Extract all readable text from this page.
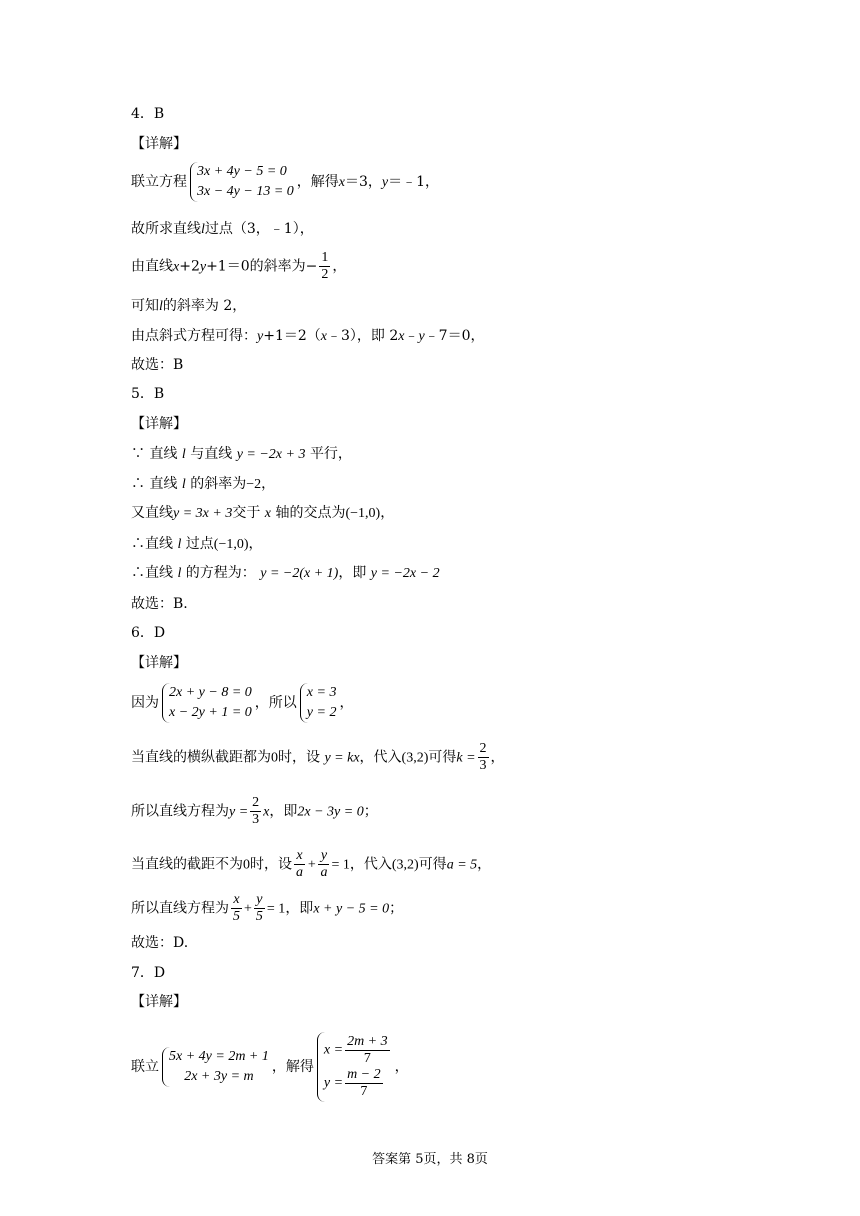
4．B
【详解】
联立方程
3x + 4y − 5 = 0
3x − 4y − 13 = 0
，解得x＝3，y＝﹣1，
故所求直线l过点（3，﹣1），
由直线x+2y+1＝0的斜率为− $\frac{1}{2}$ ，
可知l的斜率为 2，
由点斜式方程可得：y+1＝2（x﹣3），即 2x﹣y﹣7＝0，
故选：B
5．B
【详解】
∵ 直线 l 与直线 y = −2x + 3 平行，
∴ 直线 l 的斜率为−2，
又直线y = 3x + 3交于 x 轴的交点为(−1,0)，
∴直线 l 过点(−1,0)，
∴直线 l 的方程为： y = −2(x + 1)，即 y = −2x − 2
故选：B.
6．D
【详解】
因为
2x + y − 8 = 0
x − 2y + 1 = 0
，所以
x = 3
y = 2
，
当直线的横纵截距都为0时，设 y = kx，代入(3,2)可得$k = \frac{2}{3}$ ，
所以直线方程为$y = \frac{2}{3}$ x，即2x − 3y = 0；
当直线的截距不为0时，设 $\frac{x}{a} + \frac{y}{a} = 1$，代入(3,2)可得a = 5，
所以直线方程为 $\frac{x}{5} + \frac{y}{5} = 1$，即x + y − 5 = 0；
故选：D.
7．D
【详解】
联立
5x + 4y = 2m + 1
2x + 3y = m
，解得
$x = \frac{2m + 3}{7}$
$y = \frac{m - 2}{7}$ ，
答案第 5页，共 8页
